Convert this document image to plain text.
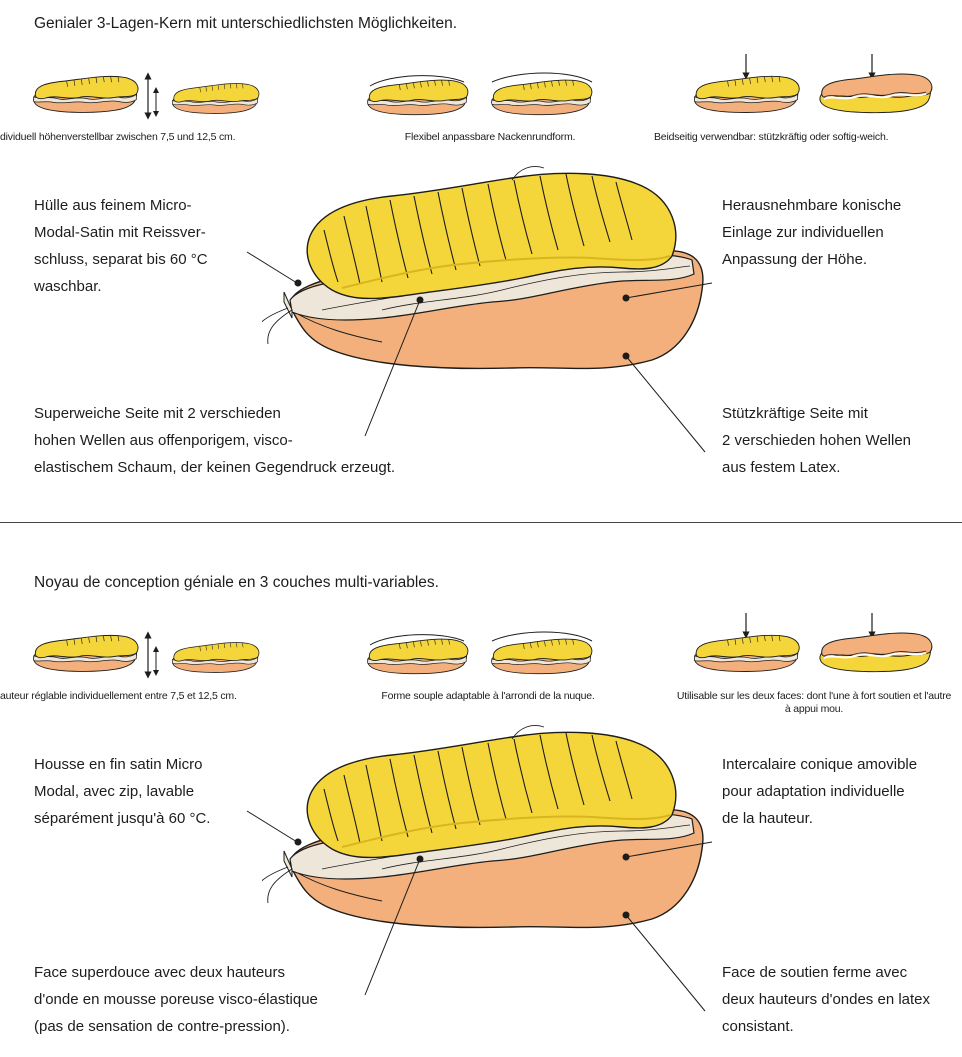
Genialer 3-Lagen-Kern mit unterschiedlichsten Möglichkeiten.
dividuell höhenverstellbar zwischen 7,5 und 12,5 cm.	Flexibel anpassbare Nackenrundform.	Beidseitig verwendbar: stützkräftig oder softig-weich.
Hülle aus feinem Micro-
Modal-Satin mit Reissver-
schluss, separat bis 60 °C
waschbar.
Herausnehmbare konische
Einlage zur individuellen
Anpassung der Höhe.
Superweiche Seite mit 2 verschieden
hohen Wellen aus offenporigem, visco-
elastischem Schaum, der keinen Gegendruck erzeugt.
Stützkräftige Seite mit
2 verschieden hohen Wellen
aus festem Latex.
Noyau de conception géniale en 3 couches multi-variables.
auteur réglable individuellement entre 7,5 et 12,5 cm.	Forme souple adaptable à l'arrondi de la nuque.	Utilisable sur les deux faces: dont l'une à fort soutien et l'autre à appui mou.
Housse en fin satin Micro
Modal, avec zip, lavable
séparément jusqu'à 60 °C.
Intercalaire conique amovible
pour adaptation individuelle
de la hauteur.
Face superdouce avec deux hauteurs
d'onde en mousse poreuse visco-élastique
(pas de sensation de contre-pression).
Face de soutien ferme avec
deux hauteurs d'ondes en latex
consistant.
